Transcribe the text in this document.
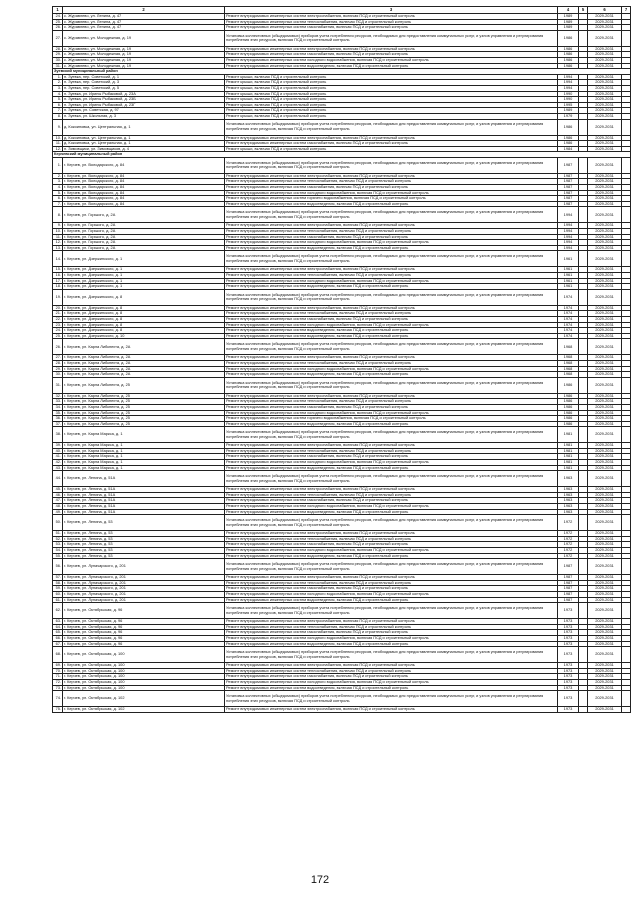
1	2	3	4	5	6	7
24.	с. Журавлево, ул. Ленина, д. 47	Ремонт внутридомовых инженерных систем электроснабжения, включая ПСД и строительный контроль	1989		2029-2031	
25.	с. Журавлево, ул. Ленина, д. 47	Ремонт внутридомовых инженерных систем теплоснабжения, включая ПСД и строительный контроль	1989		2029-2031	
26.	с. Журавлево, ул. Ленина, д. 47	Ремонт внутридомовых инженерных систем газоснабжения, включая ПСД и строительный контроль	1989		2029-2031	
27.	с. Журавлево, ул. Молодежная, д. 19	Установка коллективных (общедомовых) приборов учета потребления ресурсов, необходимых для предоставления коммунальных услуг, и узлов управления и регулирования потребления этих ресурсов, включая ПСД и строительный контроль	1986		2029-2031	
28.	с. Журавлево, ул. Молодежная, д. 19	Ремонт внутридомовых инженерных систем электроснабжения, включая ПСД и строительный контроль	1986		2029-2031	
29.	с. Журавлево, ул. Молодежная, д. 19	Ремонт внутридомовых инженерных систем газоснабжения, включая ПСД и строительный контроль	1986		2029-2031	
30.	с. Журавлево, ул. Молодежная, д. 19	Ремонт внутридомовых инженерных систем холодного водоснабжения, включая ПСД и строительный контроль	1986		2029-2031	
31.	с. Журавлево, ул. Молодежная, д. 19	Ремонт внутридомовых инженерных систем водоотведения, включая ПСД и строительный контроль	1986		2029-2031	
Зуевский муниципальный район						
1.	п. Зуевка, пер. Советский, д. 1	Ремонт крыши, включая ПСД и строительный контроль	1994		2029-2031	
2.	п. Зуевка, пер. Советский, д. 3	Ремонт крыши, включая ПСД и строительный контроль	1994		2029-2031	
3.	п. Зуевка, пер. Советский, д. 5	Ремонт крыши, включая ПСД и строительный контроль	1994		2029-2031	
4.	п. Зуевка, ул. Ирины Рыбаковой, д. 23А	Ремонт крыши, включая ПСД и строительный контроль	1990		2029-2031	
5.	п. Зуевка, ул. Ирины Рыбаковой, д. 23Б	Ремонт крыши, включая ПСД и строительный контроль	1990		2029-2031	
6.	п. Зуевка, ул. Ирины Рыбаковой, д. 23Г	Ремонт крыши, включая ПСД и строительный контроль	1995		2029-2031	
7.	п. Зуевка, ул. Советская, д. 97	Ремонт крыши, включая ПСД и строительный контроль	1989		2029-2031	
8.	п. Зуевка, ул. Школьная, д. 3	Ремонт крыши, включая ПСД и строительный контроль	1979		2029-2031	
9.	д. Кокоиновка, ул. Центральная, д. 1	Установка коллективных (общедомовых) приборов учета потребления ресурсов, необходимых для предоставления коммунальных услуг, и узлов управления и регулирования потребления этих ресурсов, включая ПСД и строительный контроль	1986		2029-2031	
10.	д. Кокоиновка, ул. Центральная, д. 1	Ремонт внутридомовых инженерных систем электроснабжения, включая ПСД и строительный контроль	1986		2029-2031	
11.	д. Кокоиновка, ул. Центральная, д. 1	Ремонт внутридомовых инженерных систем газоснабжения, включая ПСД и строительный контроль	1986		2029-2031	
12.	п. Зимовщики, ул. Зимовщиков, д. 4	Ремонт крыши, включая ПСД и строительный контроль	1984		2029-2031	
Керчевский муниципальный район						
1.	г. Керчев, ул. Володарского, д. 84	Установка коллективных (общедомовых) приборов учета потребления ресурсов, необходимых для предоставления коммунальных услуг, и узлов управления и регулирования потребления этих ресурсов, включая ПСД и строительный контроль	1987		2029-2031	
2.	г. Керчев, ул. Володарского, д. 84	Ремонт внутридомовых инженерных систем электроснабжения, включая ПСД и строительный контроль	1987		2029-2031	
3.	г. Керчев, ул. Володарского, д. 84	Ремонт внутридомовых инженерных систем теплоснабжения, включая ПСД и строительный контроль	1987		2029-2031	
4.	г. Керчев, ул. Володарского, д. 84	Ремонт внутридомовых инженерных систем газоснабжения, включая ПСД и строительный контроль	1987		2029-2031	
5.	г. Керчев, ул. Володарского, д. 84	Ремонт внутридомовых инженерных систем холодного водоснабжения, включая ПСД и строительный контроль	1987		2029-2031	
6.	г. Керчев, ул. Володарского, д. 84	Ремонт внутридомовых инженерных систем горячего водоснабжения, включая ПСД и строительный контроль	1987		2029-2031	
7.	г. Керчев, ул. Володарского, д. 84	Ремонт внутридомовых инженерных систем водоотведения, включая ПСД и строительный контроль	1987		2029-2031	
8.	г. Керчев, ул. Горького, д. 2А	Установка коллективных (общедомовых) приборов учета потребления ресурсов, необходимых для предоставления коммунальных услуг, и узлов управления и регулирования потребления этих ресурсов, включая ПСД и строительный контроль	1994		2029-2031	
9.	г. Керчев, ул. Горького, д. 2А	Ремонт внутридомовых инженерных систем электроснабжения, включая ПСД и строительный контроль	1994		2029-2031	
10.	г. Керчев, ул. Горького, д. 2А	Ремонт внутридомовых инженерных систем теплоснабжения, включая ПСД и строительный контроль	1994		2029-2031	
11.	г. Керчев, ул. Горького, д. 2А	Ремонт внутридомовых инженерных систем газоснабжения, включая ПСД и строительный контроль	1994		2029-2031	
12.	г. Керчев, ул. Горького, д. 2А	Ремонт внутридомовых инженерных систем холодного водоснабжения, включая ПСД и строительный контроль	1994		2029-2031	
13.	г. Керчев, ул. Горького, д. 2А	Ремонт внутридомовых инженерных систем водоотведения, включая ПСД и строительный контроль	1994		2029-2031	
14.	г. Керчев, ул. Дзержинского, д. 1	Установка коллективных (общедомовых) приборов учета потребления ресурсов, необходимых для предоставления коммунальных услуг, и узлов управления и регулирования потребления этих ресурсов, включая ПСД и строительный контроль	1961		2029-2031	
15.	г. Керчев, ул. Дзержинского, д. 1	Ремонт внутридомовых инженерных систем электроснабжения, включая ПСД и строительный контроль	1961		2029-2031	
16.	г. Керчев, ул. Дзержинского, д. 1	Ремонт внутридомовых инженерных систем теплоснабжения, включая ПСД и строительный контроль	1961		2029-2031	
17.	г. Керчев, ул. Дзержинского, д. 1	Ремонт внутридомовых инженерных систем холодного водоснабжения, включая ПСД и строительный контроль	1961		2029-2031	
18.	г. Керчев, ул. Дзержинского, д. 1	Ремонт внутридомовых инженерных систем водоотведения, включая ПСД и строительный контроль	1961		2029-2031	
19.	г. Керчев, ул. Дзержинского, д. 8	Установка коллективных (общедомовых) приборов учета потребления ресурсов, необходимых для предоставления коммунальных услуг, и узлов управления и регулирования потребления этих ресурсов, включая ПСД и строительный контроль	1974		2029-2031	
20.	г. Керчев, ул. Дзержинского, д. 8	Ремонт внутридомовых инженерных систем электроснабжения, включая ПСД и строительный контроль	1974		2029-2031	
21.	г. Керчев, ул. Дзержинского, д. 8	Ремонт внутридомовых инженерных систем теплоснабжения, включая ПСД и строительный контроль	1974		2029-2031	
22.	г. Керчев, ул. Дзержинского, д. 8	Ремонт внутридомовых инженерных систем газоснабжения, включая ПСД и строительный контроль	1974		2029-2031	
23.	г. Керчев, ул. Дзержинского, д. 8	Ремонт внутридомовых инженерных систем холодного водоснабжения, включая ПСД и строительный контроль	1974		2029-2031	
24.	г. Керчев, ул. Дзержинского, д. 8	Ремонт внутридомовых инженерных систем водоотведения, включая ПСД и строительный контроль	1974		2029-2031	
25.	г. Керчев, ул. Дзержинского, д. 10	Ремонт внутридомовых инженерных систем водоотведения, включая ПСД и строительный контроль	1974		2029-2031	
26.	г. Керчев, ул. Карла Либкнехта, д. 2А	Установка коллективных (общедомовых) приборов учета потребления ресурсов, необходимых для предоставления коммунальных услуг, и узлов управления и регулирования потребления этих ресурсов, включая ПСД и строительный контроль	1968		2029-2031	
27.	г. Керчев, ул. Карла Либкнехта, д. 2А	Ремонт внутридомовых инженерных систем электроснабжения, включая ПСД и строительный контроль	1968		2029-2031	
28.	г. Керчев, ул. Карла Либкнехта, д. 2А	Ремонт внутридомовых инженерных систем теплоснабжения, включая ПСД и строительный контроль	1968		2029-2031	
29.	г. Керчев, ул. Карла Либкнехта, д. 2А	Ремонт внутридомовых инженерных систем холодного водоснабжения, включая ПСД и строительный контроль	1968		2029-2031	
30.	г. Керчев, ул. Карла Либкнехта, д. 2А	Ремонт внутридомовых инженерных систем водоотведения, включая ПСД и строительный контроль	1968		2029-2031	
31.	г. Керчев, ул. Карла Либкнехта, д. 25	Установка коллективных (общедомовых) приборов учета потребления ресурсов, необходимых для предоставления коммунальных услуг, и узлов управления и регулирования потребления этих ресурсов, включая ПСД и строительный контроль	1986		2029-2031	
32.	г. Керчев, ул. Карла Либкнехта, д. 25	Ремонт внутридомовых инженерных систем электроснабжения, включая ПСД и строительный контроль	1986		2029-2031	
33.	г. Керчев, ул. Карла Либкнехта, д. 25	Ремонт внутридомовых инженерных систем теплоснабжения, включая ПСД и строительный контроль	1986		2029-2031	
34.	г. Керчев, ул. Карла Либкнехта, д. 25	Ремонт внутридомовых инженерных систем газоснабжения, включая ПСД и строительный контроль	1986		2029-2031	
35.	г. Керчев, ул. Карла Либкнехта, д. 25	Ремонт внутридомовых инженерных систем холодного водоснабжения, включая ПСД и строительный контроль	1986		2029-2031	
36.	г. Керчев, ул. Карла Либкнехта, д. 25	Ремонт внутридомовых инженерных систем горячего водоснабжения, включая ПСД и строительный контроль	1986		2029-2031	
37.	г. Керчев, ул. Карла Либкнехта, д. 25	Ремонт внутридомовых инженерных систем водоотведения, включая ПСД и строительный контроль	1986		2029-2031	
38.	г. Керчев, ул. Карла Маркса, д. 1	Установка коллективных (общедомовых) приборов учета потребления ресурсов, необходимых для предоставления коммунальных услуг, и узлов управления и регулирования потребления этих ресурсов, включая ПСД и строительный контроль	1981		2029-2031	
39.	г. Керчев, ул. Карла Маркса, д. 1	Ремонт внутридомовых инженерных систем электроснабжения, включая ПСД и строительный контроль	1981		2029-2031	
40.	г. Керчев, ул. Карла Маркса, д. 1	Ремонт внутридомовых инженерных систем теплоснабжения, включая ПСД и строительный контроль	1981		2029-2031	
41.	г. Керчев, ул. Карла Маркса, д. 1	Ремонт внутридомовых инженерных систем газоснабжения, включая ПСД и строительный контроль	1981		2029-2031	
42.	г. Керчев, ул. Карла Маркса, д. 1	Ремонт внутридомовых инженерных систем холодного водоснабжения, включая ПСД и строительный контроль	1981		2029-2031	
43.	г. Керчев, ул. Карла Маркса, д. 1	Ремонт внутридомовых инженерных систем водоотведения, включая ПСД и строительный контроль	1981		2029-2031	
44.	г. Керчев, ул. Ленина, д. 51А	Установка коллективных (общедомовых) приборов учета потребления ресурсов, необходимых для предоставления коммунальных услуг, и узлов управления и регулирования потребления этих ресурсов, включая ПСД и строительный контроль	1963		2029-2031	
45.	г. Керчев, ул. Ленина, д. 51А	Ремонт внутридомовых инженерных систем электроснабжения, включая ПСД и строительный контроль	1963		2029-2031	
46.	г. Керчев, ул. Ленина, д. 51А	Ремонт внутридомовых инженерных систем теплоснабжения, включая ПСД и строительный контроль	1963		2029-2031	
47.	г. Керчев, ул. Ленина, д. 51А	Ремонт внутридомовых инженерных систем газоснабжения, включая ПСД и строительный контроль	1963		2029-2031	
48.	г. Керчев, ул. Ленина, д. 51А	Ремонт внутридомовых инженерных систем холодного водоснабжения, включая ПСД и строительный контроль	1963		2029-2031	
49.	г. Керчев, ул. Ленина, д. 51А	Ремонт внутридомовых инженерных систем водоотведения, включая ПСД и строительный контроль	1963		2029-2031	
50.	г. Керчев, ул. Ленина, д. 53	Установка коллективных (общедомовых) приборов учета потребления ресурсов, необходимых для предоставления коммунальных услуг, и узлов управления и регулирования потребления этих ресурсов, включая ПСД и строительный контроль	1972		2029-2031	
51.	г. Керчев, ул. Ленина, д. 53	Ремонт внутридомовых инженерных систем электроснабжения, включая ПСД и строительный контроль	1972		2029-2031	
52.	г. Керчев, ул. Ленина, д. 53	Ремонт внутридомовых инженерных систем теплоснабжения, включая ПСД и строительный контроль	1972		2029-2031	
53.	г. Керчев, ул. Ленина, д. 53	Ремонт внутридомовых инженерных систем газоснабжения, включая ПСД и строительный контроль	1972		2029-2031	
54.	г. Керчев, ул. Ленина, д. 53	Ремонт внутридомовых инженерных систем холодного водоснабжения, включая ПСД и строительный контроль	1972		2029-2031	
55.	г. Керчев, ул. Ленина, д. 53	Ремонт внутридомовых инженерных систем водоотведения, включая ПСД и строительный контроль	1972		2029-2031	
56.	г. Керчев, ул. Луначарского, д. 201	Установка коллективных (общедомовых) приборов учета потребления ресурсов, необходимых для предоставления коммунальных услуг, и узлов управления и регулирования потребления этих ресурсов, включая ПСД и строительный контроль	1987		2029-2031	
57.	г. Керчев, ул. Луначарского, д. 201	Ремонт внутридомовых инженерных систем электроснабжения, включая ПСД и строительный контроль	1987		2029-2031	
58.	г. Керчев, ул. Луначарского, д. 201	Ремонт внутридомовых инженерных систем теплоснабжения, включая ПСД и строительный контроль	1987		2029-2031	
59.	г. Керчев, ул. Луначарского, д. 201	Ремонт внутридомовых инженерных систем газоснабжения, включая ПСД и строительный контроль	1987		2029-2031	
60.	г. Керчев, ул. Луначарского, д. 201	Ремонт внутридомовых инженерных систем холодного водоснабжения, включая ПСД и строительный контроль	1987		2029-2031	
61.	г. Керчев, ул. Луначарского, д. 201	Ремонт внутридомовых инженерных систем водоотведения, включая ПСД и строительный контроль	1987		2029-2031	
62.	г. Керчев, ул. Октябрьская, д. 96	Установка коллективных (общедомовых) приборов учета потребления ресурсов, необходимых для предоставления коммунальных услуг, и узлов управления и регулирования потребления этих ресурсов, включая ПСД и строительный контроль	1973		2029-2031	
63.	г. Керчев, ул. Октябрьская, д. 96	Ремонт внутридомовых инженерных систем электроснабжения, включая ПСД и строительный контроль	1973		2029-2031	
64.	г. Керчев, ул. Октябрьская, д. 96	Ремонт внутридомовых инженерных систем теплоснабжения, включая ПСД и строительный контроль	1973		2029-2031	
65.	г. Керчев, ул. Октябрьская, д. 96	Ремонт внутридомовых инженерных систем газоснабжения, включая ПСД и строительный контроль	1973		2029-2031	
66.	г. Керчев, ул. Октябрьская, д. 96	Ремонт внутридомовых инженерных систем холодного водоснабжения, включая ПСД и строительный контроль	1973		2029-2031	
67.	г. Керчев, ул. Октябрьская, д. 96	Ремонт внутридомовых инженерных систем водоотведения, включая ПСД и строительный контроль	1973		2029-2031	
68.	г. Керчев, ул. Октябрьская, д. 100	Установка коллективных (общедомовых) приборов учета потребления ресурсов, необходимых для предоставления коммунальных услуг, и узлов управления и регулирования потребления этих ресурсов, включая ПСД и строительный контроль	1973		2029-2031	
69.	г. Керчев, ул. Октябрьская, д. 100	Ремонт внутридомовых инженерных систем электроснабжения, включая ПСД и строительный контроль	1973		2029-2031	
70.	г. Керчев, ул. Октябрьская, д. 100	Ремонт внутридомовых инженерных систем теплоснабжения, включая ПСД и строительный контроль	1973		2029-2031	
71.	г. Керчев, ул. Октябрьская, д. 100	Ремонт внутридомовых инженерных систем газоснабжения, включая ПСД и строительный контроль	1973		2029-2031	
72.	г. Керчев, ул. Октябрьская, д. 100	Ремонт внутридомовых инженерных систем холодного водоснабжения, включая ПСД и строительный контроль	1973		2029-2031	
73.	г. Керчев, ул. Октябрьская, д. 100	Ремонт внутридомовых инженерных систем водоотведения, включая ПСД и строительный контроль	1973		2029-2031	
74.	г. Керчев, ул. Октябрьская, д. 102	Установка коллективных (общедомовых) приборов учета потребления ресурсов, необходимых для предоставления коммунальных услуг, и узлов управления и регулирования потребления этих ресурсов, включая ПСД и строительный контроль	1973		2029-2031	
75.	г. Керчев, ул. Октябрьская, д. 102	Ремонт внутридомовых инженерных систем электроснабжения, включая ПСД и строительный контроль	1973		2029-2031	
172
